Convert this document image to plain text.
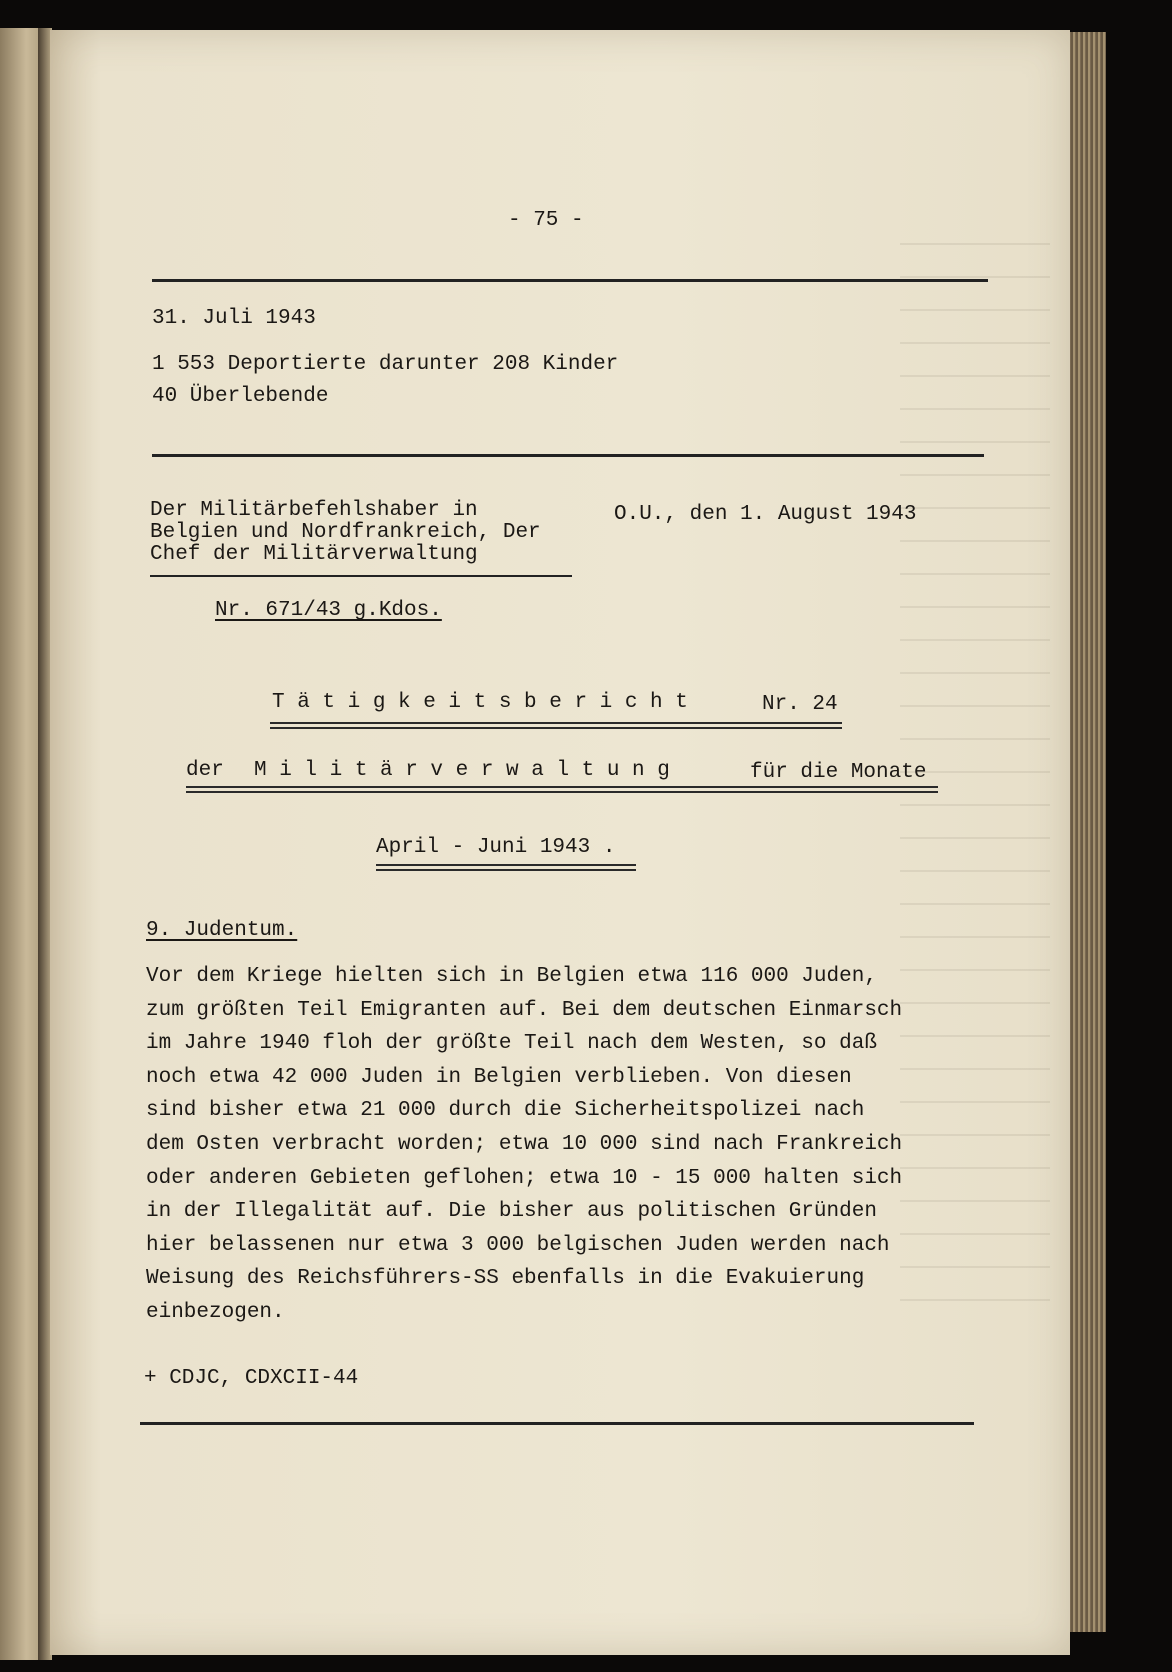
- 75 -

31. Juli 1943

1 553 Deportierte darunter 208 Kinder

40 Überlebende

Der Militärbefehlshaber in

Belgien und Nordfrankreich, Der

Chef der Militärverwaltung

O.U., den 1. August 1943

Nr. 671/43 g.Kdos.

T ä t i g k e i t s b e r i c h t	Nr. 24

der M i l i t ä r v e r w a l t u n g	für die Monate

April - Juni 1943 .

9. Judentum.

Vor dem Kriege hielten sich in Belgien etwa 116 000 Juden,

zum größten Teil Emigranten auf. Bei dem deutschen Einmarsch

im Jahre 1940 floh der größte Teil nach dem Westen, so daß

noch etwa 42 000 Juden in Belgien verblieben. Von diesen

sind bisher etwa 21 000 durch die Sicherheitspolizei nach

dem Osten verbracht worden; etwa 10 000 sind nach Frankreich

oder anderen Gebieten geflohen; etwa 10 - 15 000 halten sich

in der Illegalität auf. Die bisher aus politischen Gründen

hier belassenen nur etwa 3 000 belgischen Juden werden nach

Weisung des Reichsführers-SS ebenfalls in die Evakuierung

einbezogen.

+ CDJC, CDXCII-44
